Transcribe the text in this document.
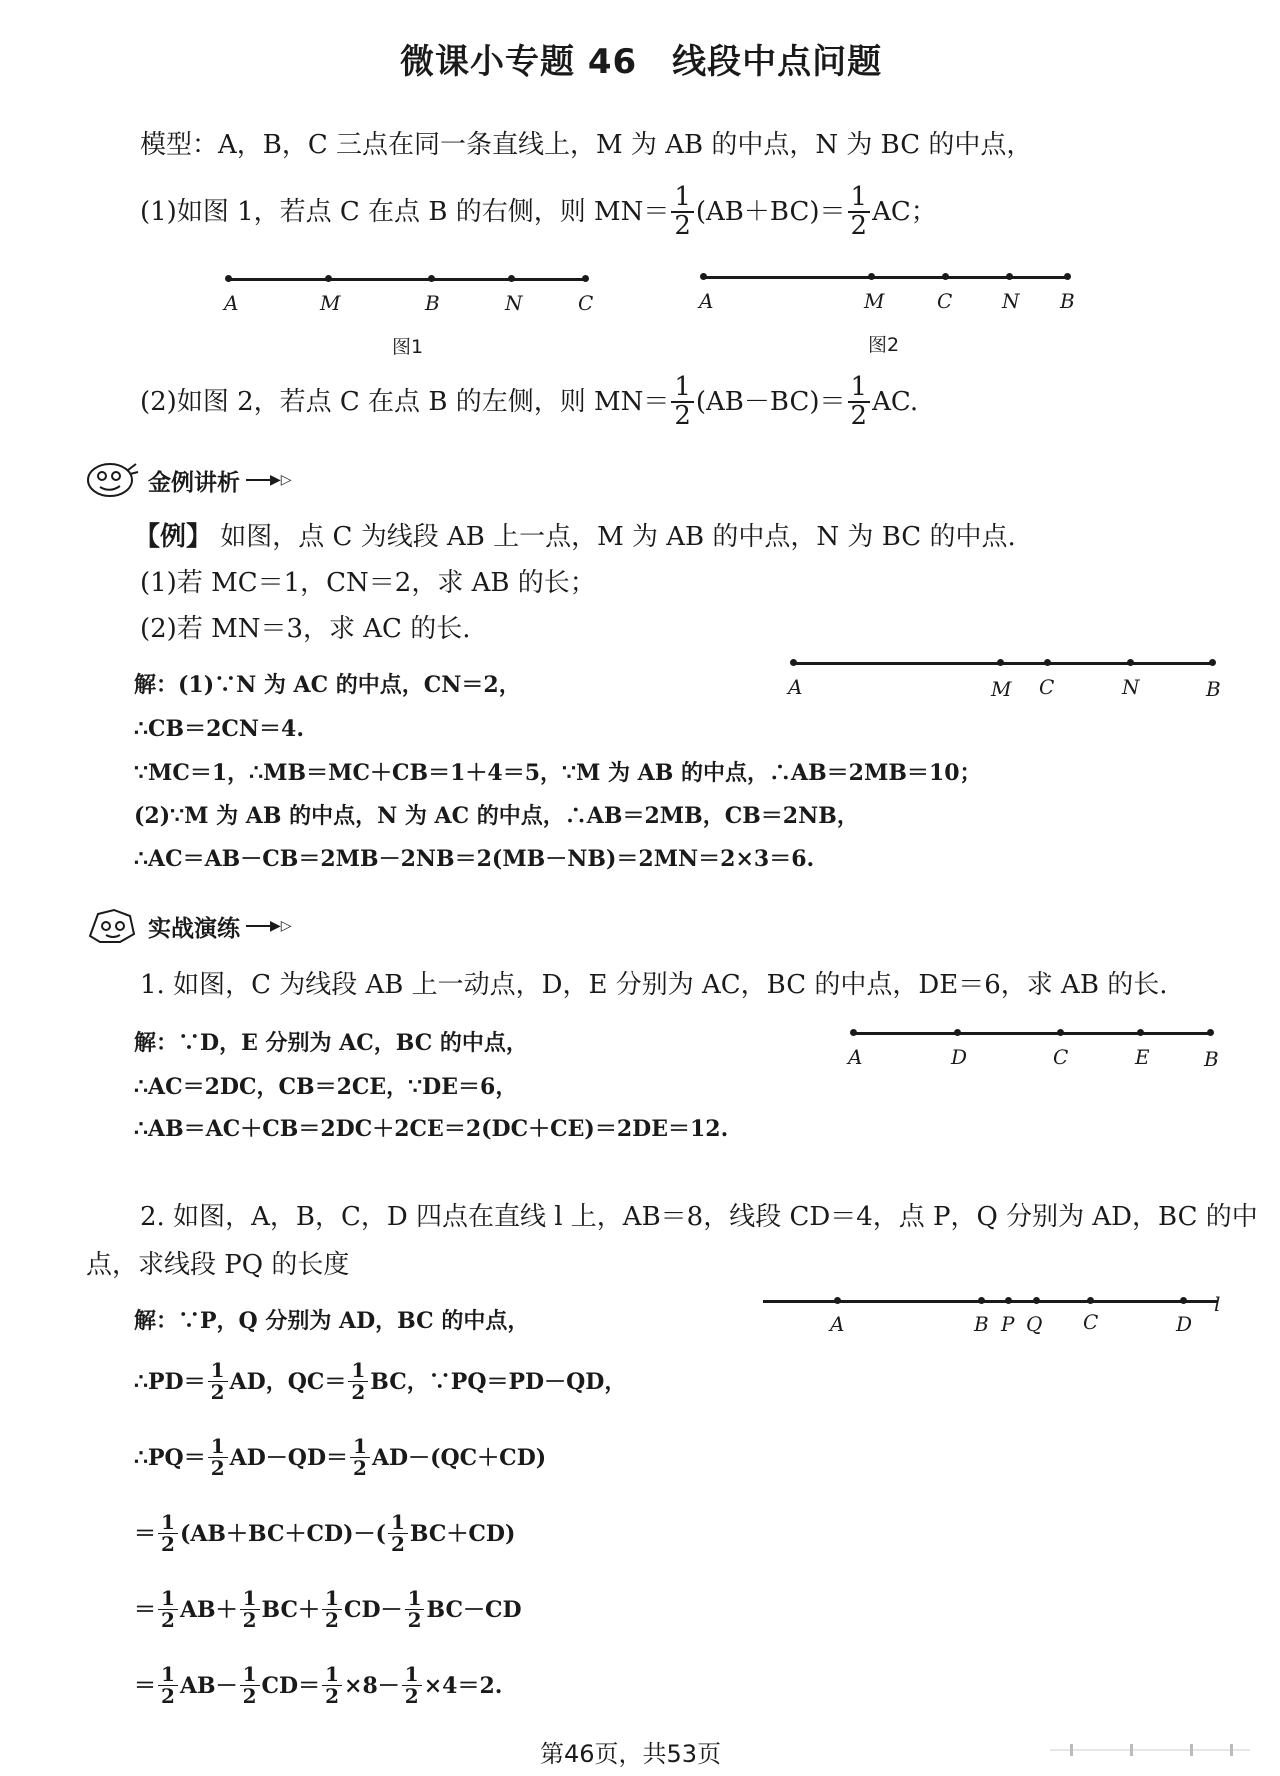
微课小专题 46　线段中点问题
模型：A，B，C 三点在同一条直线上，M 为 AB 的中点，N 为 BC 的中点，
(1)如图 1，若点 C 在点 B 的右侧，则 $MN= \frac{1}{2} (AB+BC)= \frac{1}{2}$ AC；
A	M	B	N	C
图1
A	M	C N B
图2
(2)如图 2，若点 C 在点 B 的左侧，则 $MN= \frac{1}{2} (AB-BC)= \frac{1}{2}$ AC.
金例讲析 ▶▷
【例】 如图，点 C 为线段 AB 上一点，M 为 AB 的中点，N 为 BC 的中点.
(1)若 MC＝1，CN＝2，求 AB 的长；
(2)若 MN＝3，求 AC 的长.
A	M C	N	B
解：(1)∵N 为 AC 的中点，CN＝2，
∴CB＝2CN＝4.
∵MC＝1，∴MB＝MC＋CB＝1＋4＝5，∵M 为 AB 的中点，∴AB＝2MB＝10；
(2)∵M 为 AB 的中点，N 为 AC 的中点，∴AB＝2MB，CB＝2NB，
∴AC＝AB－CB＝2MB－2NB＝2(MB－NB)＝2MN＝2×3＝6.
实战演练 ▶▷
1. 如图，C 为线段 AB 上一动点，D，E 分别为 AC，BC 的中点，DE＝6，求 AB 的长.
A	D	C	E	B
解：∵D，E 分别为 AC，BC 的中点，
∴AC＝2DC，CB＝2CE，∵DE＝6，
∴AB＝AC＋CB＝2DC＋2CE＝2(DC＋CE)＝2DE＝12.
2. 如图，A，B，C，D 四点在直线 l 上，AB＝8，线段 CD＝4，点 P，Q 分别为 AD，BC 的中
点，求线段 PQ 的长度
A	B P Q C	D
l
解：∵P，Q 分别为 AD，BC 的中点，
∴PD＝ $\frac{1}{2}$ AD，$QC= \frac{1}{2}$ BC，∵PQ＝PD－QD，
∴PQ＝ $\frac{1}{2} AD-QD= \frac{1}{2} AD-(QC+CD)$
＝ $\frac{1}{2} (AB+BC+CD)-( \frac{1}{2} BC+CD)$
＝ $\frac{1}{2} AB+ \frac{1}{2} BC+ \frac{1}{2} CD- \frac{1}{2} BC-CD$
＝ $\frac{1}{2} AB- \frac{1}{2} CD= \frac{1}{2} \times 8- \frac{1}{2} \times 4=2$.
第46页，共53页
